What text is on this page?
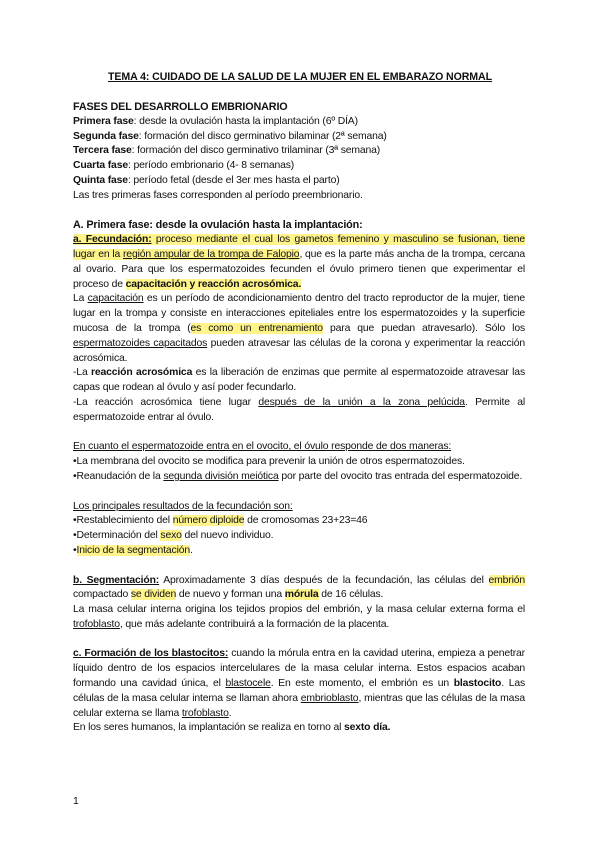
TEMA 4: CUIDADO DE LA SALUD DE LA MUJER EN EL EMBARAZO NORMAL

FASES DEL DESARROLLO EMBRIONARIO

Primera fase: desde la ovulación hasta la implantación (6º DÍA)

Segunda fase: formación del disco germinativo bilaminar (2ª semana)

Tercera fase: formación del disco germinativo trilaminar (3ª semana)

Cuarta fase: período embrionario (4- 8 semanas)

Quinta fase: período fetal (desde el 3er mes hasta el parto)

Las tres primeras fases corresponden al período preembrionario.

A. Primera fase: desde la ovulación hasta la implantación:

a. Fecundación: proceso mediante el cual los gametos femenino y masculino se fusionan, tiene lugar en la región ampular de la trompa de Falopio, que es la parte más ancha de la trompa, cercana al ovario. Para que los espermatozoides fecunden el óvulo primero tienen que experimentar el proceso de capacitación y reacción acrosómica.

La capacitación es un período de acondicionamiento dentro del tracto reproductor de la mujer, tiene lugar en la trompa y consiste en interacciones epiteliales entre los espermatozoides y la superficie mucosa de la trompa (es como un entrenamiento para que puedan atravesarlo). Sólo los espermatozoides capacitados pueden atravesar las células de la corona y experimentar la reacción acrosómica.

-La reacción acrosómica es la liberación de enzimas que permite al espermatozoide atravesar las capas que rodean al óvulo y así poder fecundarlo.

-La reacción acrosómica tiene lugar después de la unión a la zona pelúcida. Permite al espermatozoide entrar al óvulo.

En cuanto el espermatozoide entra en el ovocito, el óvulo responde de dos maneras:

•La membrana del ovocito se modifica para prevenir la unión de otros espermatozoides.

•Reanudación de la segunda división meiótica por parte del ovocito tras entrada del espermatozoide.

Los principales resultados de la fecundación son:

•Restablecimiento del número diploide de cromosomas 23+23=46

•Determinación del sexo del nuevo individuo.

•Inicio de la segmentación.

b. Segmentación: Aproximadamente 3 días después de la fecundación, las células del embrión compactado se dividen de nuevo y forman una mórula de 16 células.

La masa celular interna origina los tejidos propios del embrión, y la masa celular externa forma el trofoblasto, que más adelante contribuirá a la formación de la placenta.

c. Formación de los blastocitos: cuando la mórula entra en la cavidad uterina, empieza a penetrar líquido dentro de los espacios intercelulares de la masa celular interna. Estos espacios acaban formando una cavidad única, el blastocele. En este momento, el embrión es un blastocito. Las células de la masa celular interna se llaman ahora embrioblasto, mientras que las células de la masa celular externa se llama trofoblasto.

En los seres humanos, la implantación se realiza en torno al sexto día.

1
